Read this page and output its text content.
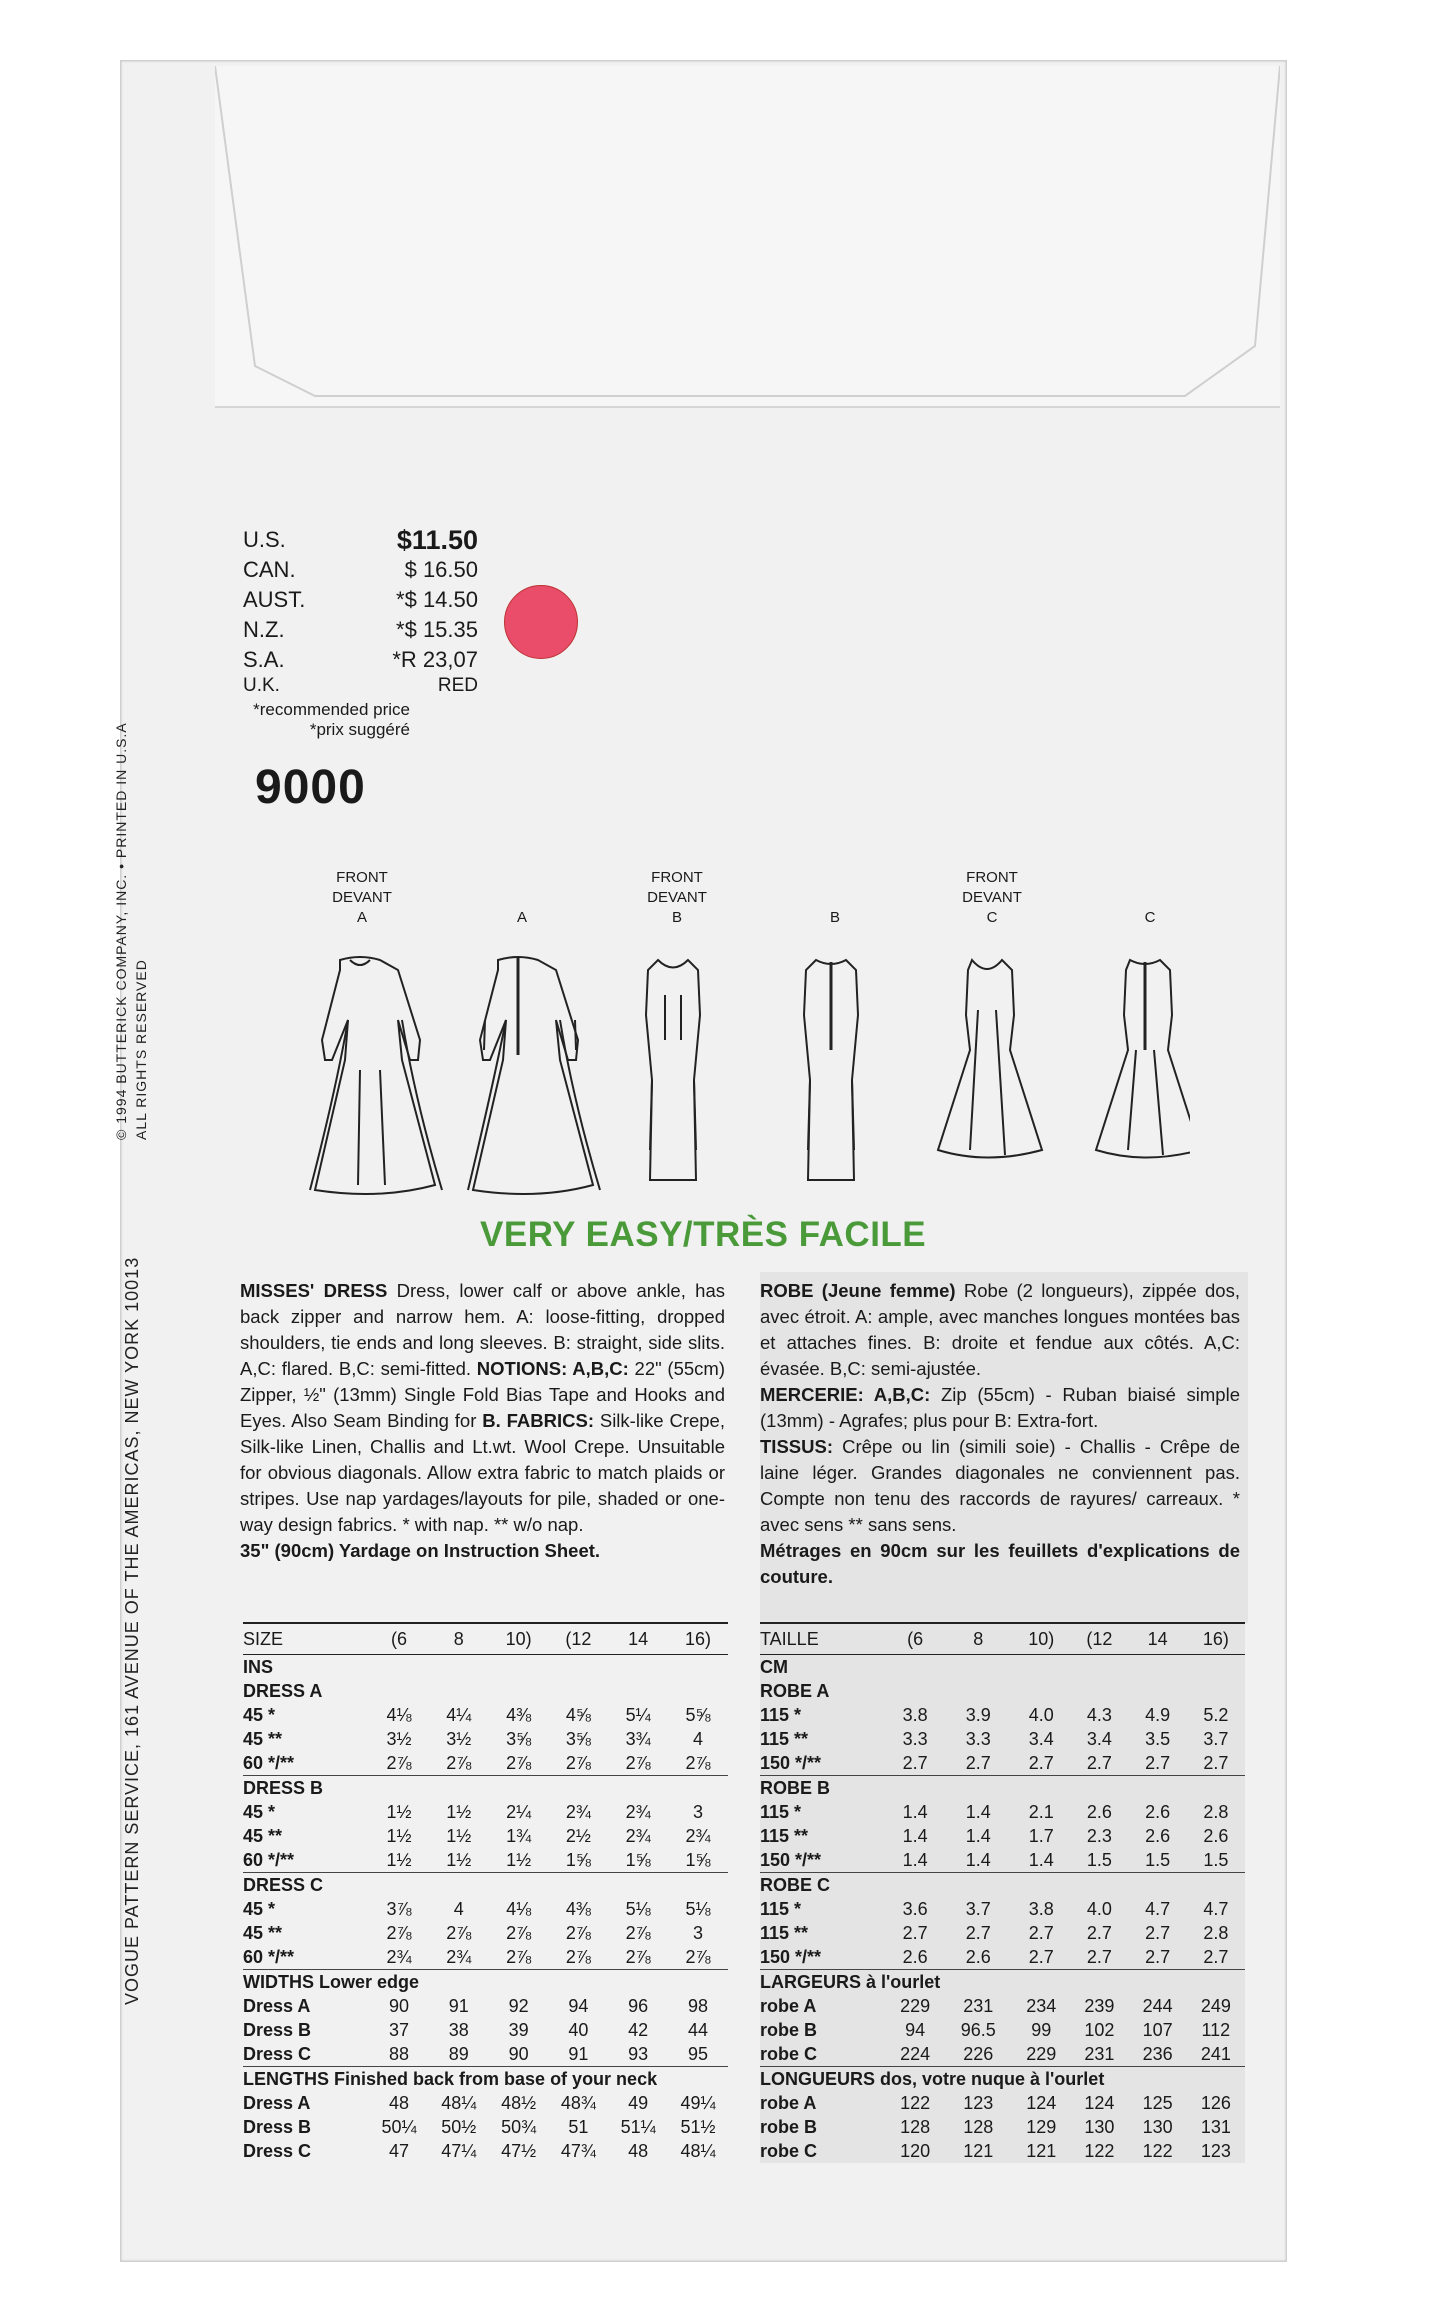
VOGUE PATTERN SERVICE, 161 AVENUE OF THE AMERICAS, NEW YORK 10013
© 1994 BUTTERICK COMPANY, INC. • PRINTED IN U.S.A ALL RIGHTS RESERVED
U.S.	$11.50
CAN.	$ 16.50
AUST.	*$ 14.50
N.Z.	*$ 15.35
S.A.	*R 23,07
U.K.	RED
*recommended price
*prix suggéré
9000
FRONT
DEVANT
A	A
FRONT
DEVANT
B	B
FRONT
DEVANT
C	C
VERY EASY/TRÈS FACILE
MISSES' DRESS Dress, lower calf or above ankle, has back zipper and narrow hem. A: loose-fitting, dropped shoulders, tie ends and long sleeves. B: straight, side slits. A,C: flared. B,C: semi-fitted. NOTIONS: A,B,C: 22" (55cm) Zipper, ½" (13mm) Single Fold Bias Tape and Hooks and Eyes. Also Seam Binding for B. FABRICS: Silk-like Crepe, Silk-like Linen, Challis and Lt.wt. Wool Crepe. Unsuitable for obvious diagonals. Allow extra fabric to match plaids or stripes. Use nap yardages/layouts for pile, shaded or one-way design fabrics. * with nap. ** w/o nap.
35" (90cm) Yardage on Instruction Sheet.
ROBE (Jeune femme) Robe (2 longueurs), zippée dos, avec étroit. A: ample, avec manches longues montées bas et attaches fines. B: droite et fendue aux côtés. A,C: évasée. B,C: semi-ajustée.
MERCERIE: A,B,C: Zip (55cm) - Ruban biaisé simple (13mm) - Agrafes; plus pour B: Extra-fort.
TISSUS: Crêpe ou lin (simili soie) - Challis - Crêpe de laine léger. Grandes diagonales ne conviennent pas. Compte non tenu des raccords de rayures/ carreaux. * avec sens ** sans sens.
Métrages en 90cm sur les feuillets d'explications de couture.
SIZE	(6	8	10)	(12	14	16)
INS						
DRESS A						
45 *	4⅛	4¼	4⅜	4⅝	5¼	5⅝
45 **	3½	3½	3⅝	3⅝	3¾	4
60 */**	2⅞	2⅞	2⅞	2⅞	2⅞	2⅞
DRESS B						
45 *	1½	1½	2¼	2¾	2¾	3
45 **	1½	1½	1¾	2½	2¾	2¾
60 */**	1½	1½	1½	1⅝	1⅝	1⅝
DRESS C						
45 *	3⅞	4	4⅛	4⅜	5⅛	5⅛
45 **	2⅞	2⅞	2⅞	2⅞	2⅞	3
60 */**	2¾	2¾	2⅞	2⅞	2⅞	2⅞
WIDTHS Lower edge						
Dress A	90	91	92	94	96	98
Dress B	37	38	39	40	42	44
Dress C	88	89	90	91	93	95
LENGTHS Finished back from base of your neck						
Dress A	48	48¼	48½	48¾	49	49¼
Dress B	50¼	50½	50¾	51	51¼	51½
Dress C	47	47¼	47½	47¾	48	48¼
TAILLE	(6	8	10)	(12	14	16)
CM						
ROBE A						
115 *	3.8	3.9	4.0	4.3	4.9	5.2
115 **	3.3	3.3	3.4	3.4	3.5	3.7
150 */**	2.7	2.7	2.7	2.7	2.7	2.7
ROBE B						
115 *	1.4	1.4	2.1	2.6	2.6	2.8
115 **	1.4	1.4	1.7	2.3	2.6	2.6
150 */**	1.4	1.4	1.4	1.5	1.5	1.5
ROBE C						
115 *	3.6	3.7	3.8	4.0	4.7	4.7
115 **	2.7	2.7	2.7	2.7	2.7	2.8
150 */**	2.6	2.6	2.7	2.7	2.7	2.7
LARGEURS à l'ourlet						
robe A	229	231	234	239	244	249
robe B	94	96.5	99	102	107	112
robe C	224	226	229	231	236	241
LONGUEURS dos, votre nuque à l'ourlet						
robe A	122	123	124	124	125	126
robe B	128	128	129	130	130	131
robe C	120	121	121	122	122	123
